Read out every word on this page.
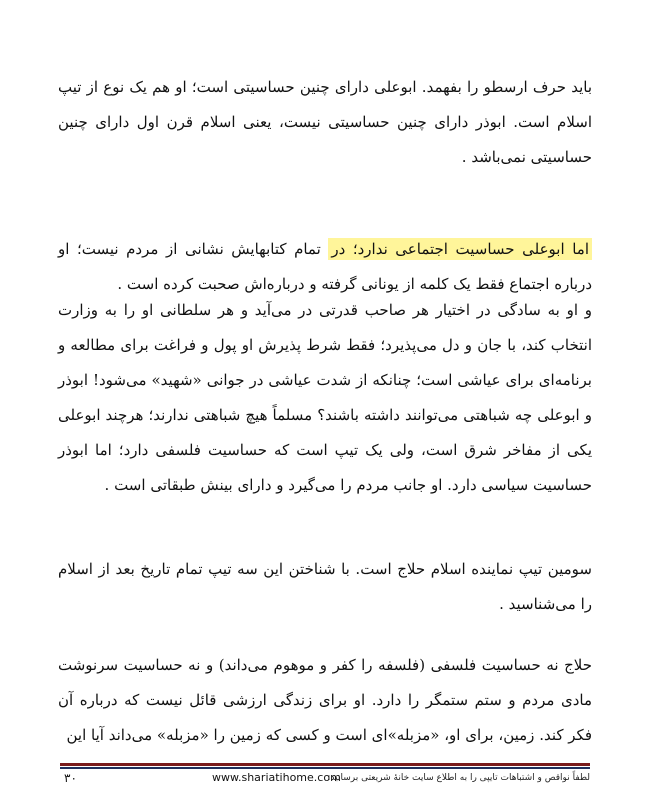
باید حرف ارسطو را بفهمد. ابوعلی دارای چنین حساسیتی است؛ او هم یک نوع از تیپ اسلام است. ابوذر دارای چنین حساسیتی نیست، یعنی اسلام قرن اول دارای چنین حساسیتی نمی‌باشد .

اما ابوعلی حساسیت اجتماعی ندارد؛ در تمام کتابهایش نشانی از مردم نیست؛ او درباره اجتماع فقط یک کلمه از یونانی گرفته و درباره‌اش صحبت کرده است .

و او به سادگی در اختیار هر صاحب قدرتی در می‌آید و هر سلطانی او را به وزارت انتخاب کند، با جان و دل می‌پذیرد؛ فقط شرط پذیرش او پول و فراغت برای مطالعه و برنامه‌ای برای عیاشی است؛ چنانکه از شدت عیاشی در جوانی «شهید» می‌شود! ابوذر و ابوعلی چه شباهتی می‌توانند داشته باشند؟ مسلماً هیچ شباهتی ندارند؛ هرچند ابوعلی یکی از مفاخر شرق است، ولی یک تیپ است که حساسیت فلسفی دارد؛ اما ابوذر حساسیت سیاسی دارد. او جانب مردم را می‌گیرد و دارای بینش طبقاتی است .

سومین تیپ نماینده اسلام حلاج است. با شناختن این سه تیپ تمام تاریخ بعد از اسلام را می‌شناسید .

حلاج نه حساسیت فلسفی (فلسفه را کفر و موهوم می‌داند) و نه حساسیت سرنوشت مادی مردم و ستم ستمگر را دارد. او برای زندگی ارزشی قائل نیست که درباره آن فکر کند. زمین، برای او، «مزبله»ای است و کسی که زمین را «مزبله» می‌داند آیا این

۳۰	www.shariatihome.com
لطفاً نواقص و اشتباهات تایپی را به اطلاع سایت خانهٔ شریعتی برسانید:
